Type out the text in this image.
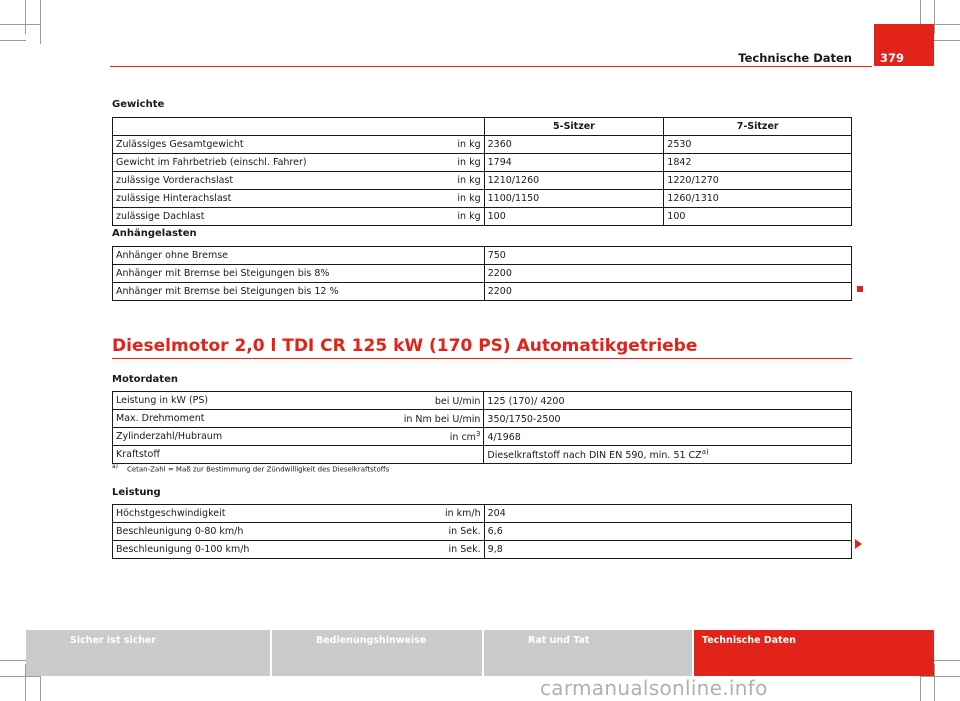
Technische Daten 379
Gewichte
		5-Sitzer	7-Sitzer
Zulässiges Gesamtgewicht	in kg	2360	2530
Gewicht im Fahrbetrieb (einschl. Fahrer)	in kg	1794	1842
zulässige Vorderachslast	in kg	1210/1260	1220/1270
zulässige Hinterachslast	in kg	1100/1150	1260/1310
zulässige Dachlast	in kg	100	100
Anhängelasten
Anhänger ohne Bremse	750
Anhänger mit Bremse bei Steigungen bis 8%	2200
Anhänger mit Bremse bei Steigungen bis 12 %	2200
Dieselmotor 2,0 l TDI CR 125 kW (170 PS) Automatikgetriebe
Motordaten
Leistung in kW (PS)	bei U/min	125 (170)/ 4200
Max. Drehmoment	in Nm bei U/min	350/1750-2500
Zylinderzahl/Hubraum	in $cm^3$	4/1968
Kraftstoff		Dieselkraftstoff nach DIN EN 590, min. 51 CZ$^{a)}$
$^{a)}$ Cetan-Zahl = Maß zur Bestimmung der Zündwilligkeit des Dieselkraftstoffs
Leistung
Höchstgeschwindigkeit	in km/h	204
Beschleunigung 0-80 km/h	in Sek.	6,6
Beschleunigung 0-100 km/h	in Sek.	9,8
Sicher ist sicher	Bedienungshinweise	Rat und Tat	Technische Daten
carmanualsonline.info
